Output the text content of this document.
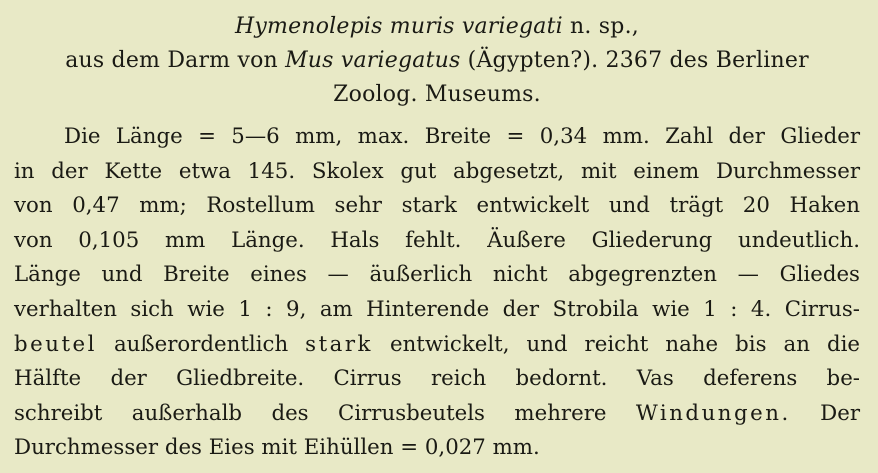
Hymenolepis muris variegati n. sp.,
aus dem Darm von Mus variegatus (Ägypten?). 2367 des Berliner
Zoolog. Museums.
Die Länge = 5—6 mm, max. Breite = 0,34 mm. Zahl der Glieder
in der Kette etwa 145. Skolex gut abgesetzt, mit einem Durchmesser
von 0,47 mm; Rostellum sehr stark entwickelt und trägt 20 Haken
von 0,105 mm Länge. Hals fehlt. Äußere Gliederung undeutlich.
Länge und Breite eines — äußerlich nicht abgegrenzten — Gliedes
verhalten sich wie 1 : 9, am Hinterende der Strobila wie 1 : 4. Cirrus-
beutel außerordentlich stark entwickelt, und reicht nahe bis an die
Hälfte der Gliedbreite. Cirrus reich bedornt. Vas deferens be-
schreibt außerhalb des Cirrusbeutels mehrere Windungen. Der
Durchmesser des Eies mit Eihüllen = 0,027 mm.
